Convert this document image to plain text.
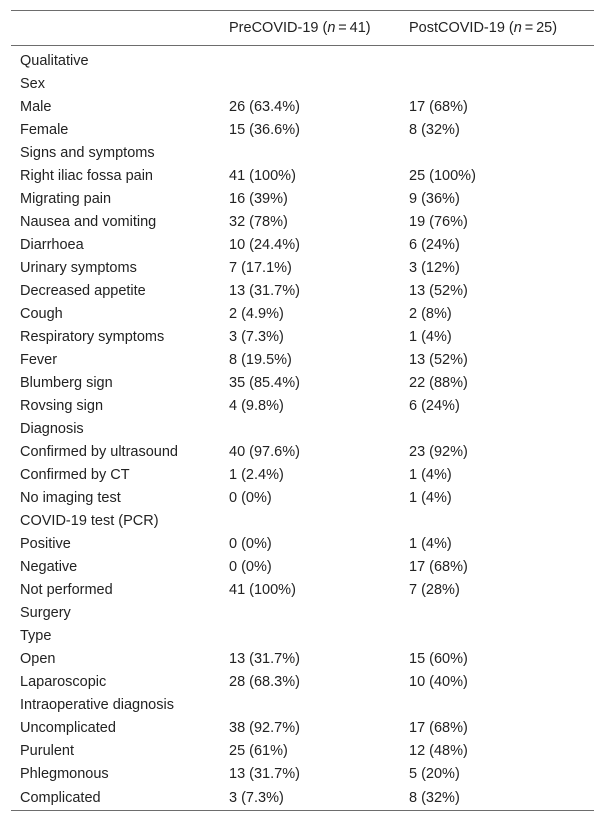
	PreCOVID-19 (n = 41)	PostCOVID-19 (n = 25)
Qualitative		
Sex		
Male	26 (63.4%)	17 (68%)
Female	15 (36.6%)	8 (32%)
Signs and symptoms		
Right iliac fossa pain	41 (100%)	25 (100%)
Migrating pain	16 (39%)	9 (36%)
Nausea and vomiting	32 (78%)	19 (76%)
Diarrhoea	10 (24.4%)	6 (24%)
Urinary symptoms	7 (17.1%)	3 (12%)
Decreased appetite	13 (31.7%)	13 (52%)
Cough	2 (4.9%)	2 (8%)
Respiratory symptoms	3 (7.3%)	1 (4%)
Fever	8 (19.5%)	13 (52%)
Blumberg sign	35 (85.4%)	22 (88%)
Rovsing sign	4 (9.8%)	6 (24%)
Diagnosis		
Confirmed by ultrasound	40 (97.6%)	23 (92%)
Confirmed by CT	1 (2.4%)	1 (4%)
No imaging test	0 (0%)	1 (4%)
COVID-19 test (PCR)		
Positive	0 (0%)	1 (4%)
Negative	0 (0%)	17 (68%)
Not performed	41 (100%)	7 (28%)
Surgery		
Type		
Open	13 (31.7%)	15 (60%)
Laparoscopic	28 (68.3%)	10 (40%)
Intraoperative diagnosis		
Uncomplicated	38 (92.7%)	17 (68%)
Purulent	25 (61%)	12 (48%)
Phlegmonous	13 (31.7%)	5 (20%)
Complicated	3 (7.3%)	8 (32%)
